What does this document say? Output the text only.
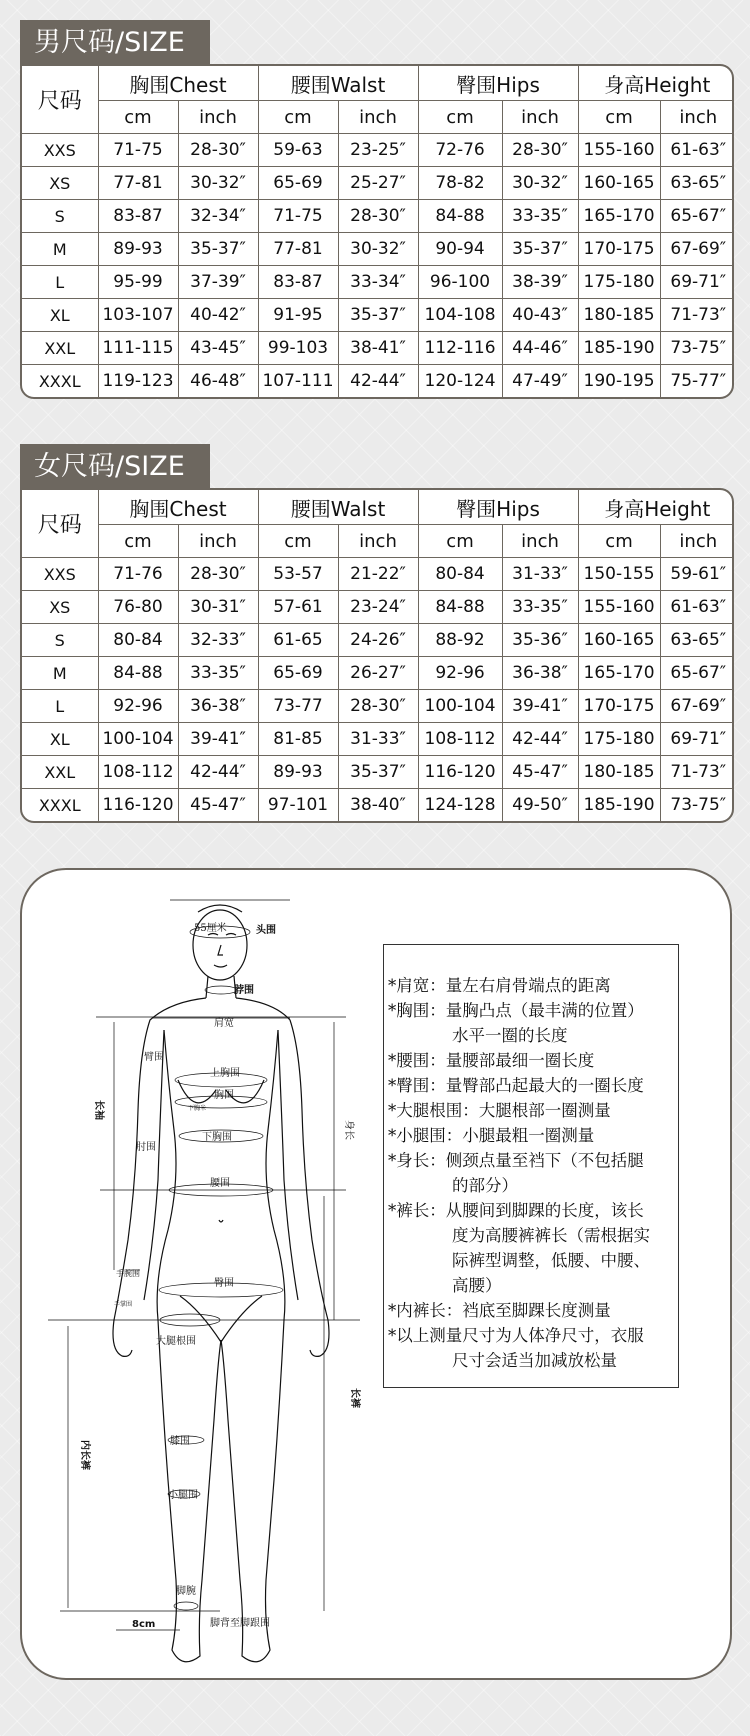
男尺码/SIZE
尺码	胸围Chest		腰围Walst		臀围Hips		身高Height	
	cm	inch	cm	inch	cm	inch	cm	inch
XXS	71-75	28-30″	59-63	23-25″	72-76	28-30″	155-160	61-63″
XS	77-81	30-32″	65-69	25-27″	78-82	30-32″	160-165	63-65″
S	83-87	32-34″	71-75	28-30″	84-88	33-35″	165-170	65-67″
M	89-93	35-37″	77-81	30-32″	90-94	35-37″	170-175	67-69″
L	95-99	37-39″	83-87	33-34″	96-100	38-39″	175-180	69-71″
XL	103-107	40-42″	91-95	35-37″	104-108	40-43″	180-185	71-73″
XXL	111-115	43-45″	99-103	38-41″	112-116	44-46″	185-190	73-75″
XXXL	119-123	46-48″	107-111	42-44″	120-124	47-49″	190-195	75-77″
女尺码/SIZE
尺码	胸围Chest		腰围Walst		臀围Hips		身高Height	
	cm	inch	cm	inch	cm	inch	cm	inch
XXS	71-76	28-30″	53-57	21-22″	80-84	31-33″	150-155	59-61″
XS	76-80	30-31″	57-61	23-24″	84-88	33-35″	155-160	61-63″
S	80-84	32-33″	61-65	24-26″	88-92	35-36″	160-165	63-65″
M	84-88	33-35″	65-69	26-27″	92-96	36-38″	165-170	65-67″
L	92-96	36-38″	73-77	28-30″	100-104	39-41″	170-175	67-69″
XL	100-104	39-41″	81-85	31-33″	108-112	42-44″	175-180	69-71″
XXL	108-112	42-44″	89-93	35-37″	116-120	45-47″	180-185	71-73″
XXXL	116-120	45-47″	97-101	38-40″	124-128	49-50″	185-190	73-75″
55厘米	头围
脖围
肩宽
臂围
上胸围
胸围
下胸米
下胸围
肘围
腰围
手腕围
手掌围
臀围
大腿根围
膝围
小腿围
脚腕
脚背至脚跟围
8cm
长袖
身长
长裤
内长裤
*肩宽：量左右肩骨端点的距离
*胸围：量胸凸点（最丰满的位置）
水平一圈的长度
*腰围：量腰部最细一圈长度
*臀围：量臀部凸起最大的一圈长度
*大腿根围：大腿根部一圈测量
*小腿围：小腿最粗一圈测量
*身长：侧颈点量至裆下（不包括腿
的部分）
*裤长：从腰间到脚踝的长度，该长
度为高腰裤裤长（需根据实
际裤型调整，低腰、中腰、
高腰）
*内裤长：裆底至脚踝长度测量
*以上测量尺寸为人体净尺寸，衣服
尺寸会适当加减放松量
